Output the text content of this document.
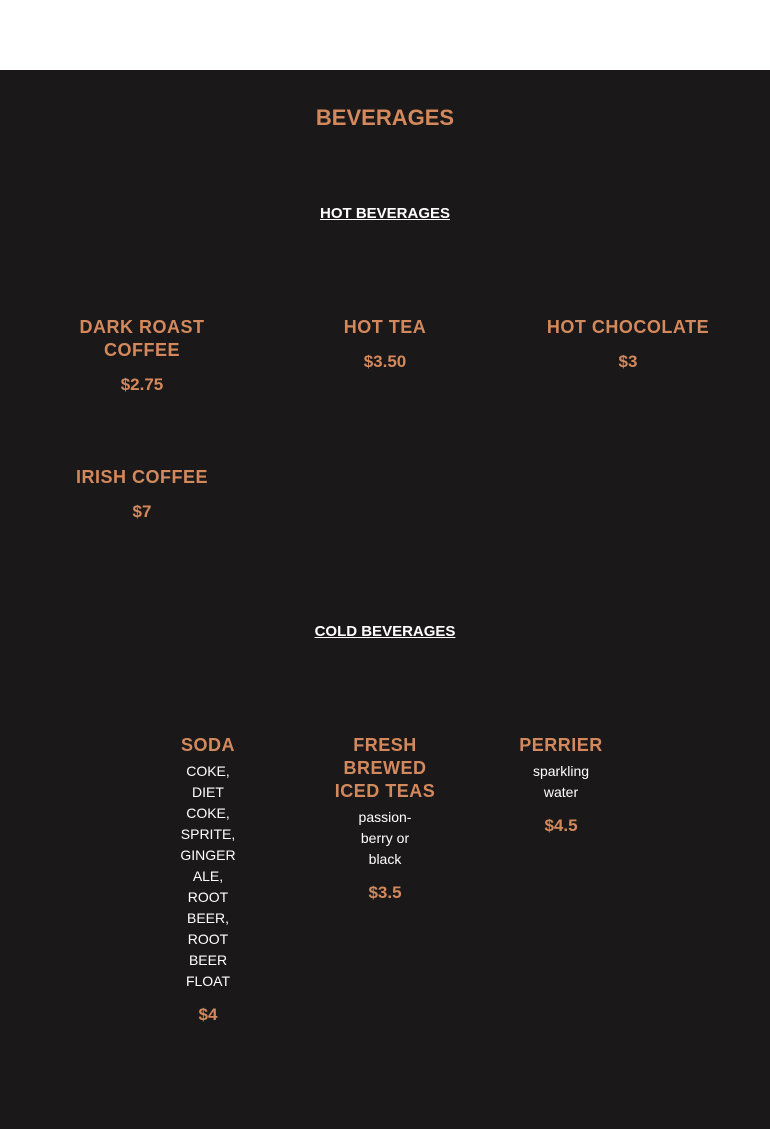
BEVERAGES
HOT BEVERAGES
DARK ROAST COFFEE
$2.75
HOT TEA
$3.50
HOT CHOCOLATE
$3
IRISH COFFEE
$7
COLD BEVERAGES
SODA
COKE, DIET COKE, SPRITE, GINGER ALE, ROOT BEER, ROOT BEER FLOAT
$4
FRESH BREWED ICED TEAS
passion-berry or black
$3.5
PERRIER
sparkling water
$4.5
